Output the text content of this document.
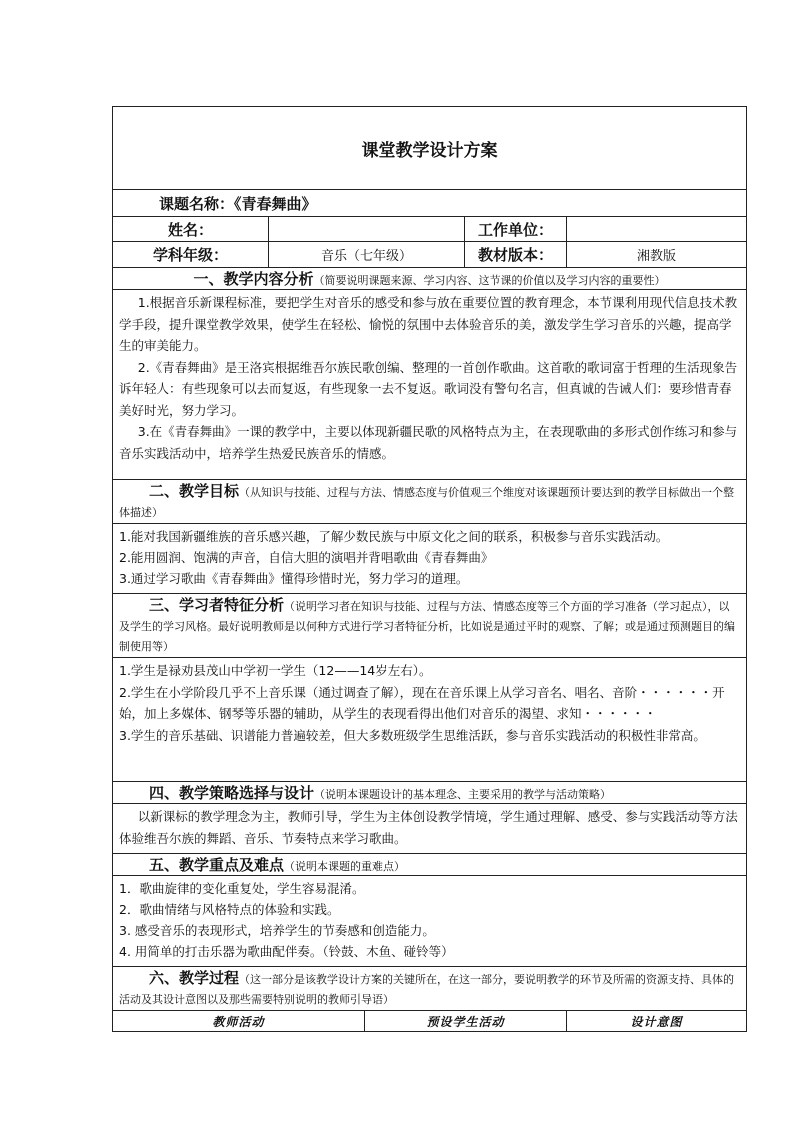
课堂教学设计方案				
课题名称：《青春舞曲》				
姓名：			工作单位：	
学科年级：	音乐（七年级）		教材版本：	湘教版
一、教学内容分析（简要说明课题来源、学习内容、这节课的价值以及学习内容的重要性）				

1.根据音乐新课程标准，要把学生对音乐的感受和参与放在重要位置的教育理念，本节课利用现代信息技术教学手段，提升课堂教学效果，使学生在轻松、愉悦的氛围中去体验音乐的美，激发学生学习音乐的兴趣，提高学生的审美能力。

2.《青春舞曲》是王洛宾根据维吾尔族民歌创编、整理的一首创作歌曲。这首歌的歌词富于哲理的生活现象告诉年轻人：有些现象可以去而复返，有些现象一去不复返。歌词没有警句名言，但真诚的告诫人们：要珍惜青春美好时光，努力学习。

3.在《青春舞曲》一课的教学中，主要以体现新疆民歌的风格特点为主，在表现歌曲的多形式创作练习和参与音乐实践活动中，培养学生热爱民族音乐的情感。				

二、教学目标（从知识与技能、过程与方法、情感态度与价值观三个维度对该课题预计要达到的教学目标做出一个整体描述）				

1.能对我国新疆维族的音乐感兴趣，了解少数民族与中原文化之间的联系，积极参与音乐实践活动。

2.能用圆润、饱满的声音，自信大胆的演唱并背唱歌曲《青春舞曲》

3.通过学习歌曲《青春舞曲》懂得珍惜时光，努力学习的道理。				

三、学习者特征分析（说明学习者在知识与技能、过程与方法、情感态度等三个方面的学习准备（学习起点），以及学生的学习风格。最好说明教师是以何种方式进行学习者特征分析，比如说是通过平时的观察、了解；或是通过预测题目的编制使用等）				

1.学生是禄劝县茂山中学初一学生（12——14岁左右）。

2.学生在小学阶段几乎不上音乐课（通过调查了解），现在在音乐课上从学习音名、唱名、音阶・・・・・・开始，加上多媒体、钢琴等乐器的辅助，从学生的表现看得出他们对音乐的渴望、求知・・・・・・

3.学生的音乐基础、识谱能力普遍较差，但大多数班级学生思维活跃，参与音乐实践活动的积极性非常高。				

四、教学策略选择与设计（说明本课题设计的基本理念、主要采用的教学与活动策略）				

以新课标的教学理念为主，教师引导，学生为主体创设教学情境，学生通过理解、感受、参与实践活动等方法体验维吾尔族的舞蹈、音乐、节奏特点来学习歌曲。				

五、教学重点及难点（说明本课题的重难点）				

1．歌曲旋律的变化重复处，学生容易混淆。

2．歌曲情绪与风格特点的体验和实践。

3. 感受音乐的表现形式，培养学生的节奏感和创造能力。

4. 用简单的打击乐器为歌曲配伴奏。（铃鼓、木鱼、碰铃等）				

六、教学过程（这一部分是该教学设计方案的关键所在，在这一部分，要说明教学的环节及所需的资源支持、具体的活动及其设计意图以及那些需要特别说明的教师引导语）				
教师活动		预设学生活动		设计意图
